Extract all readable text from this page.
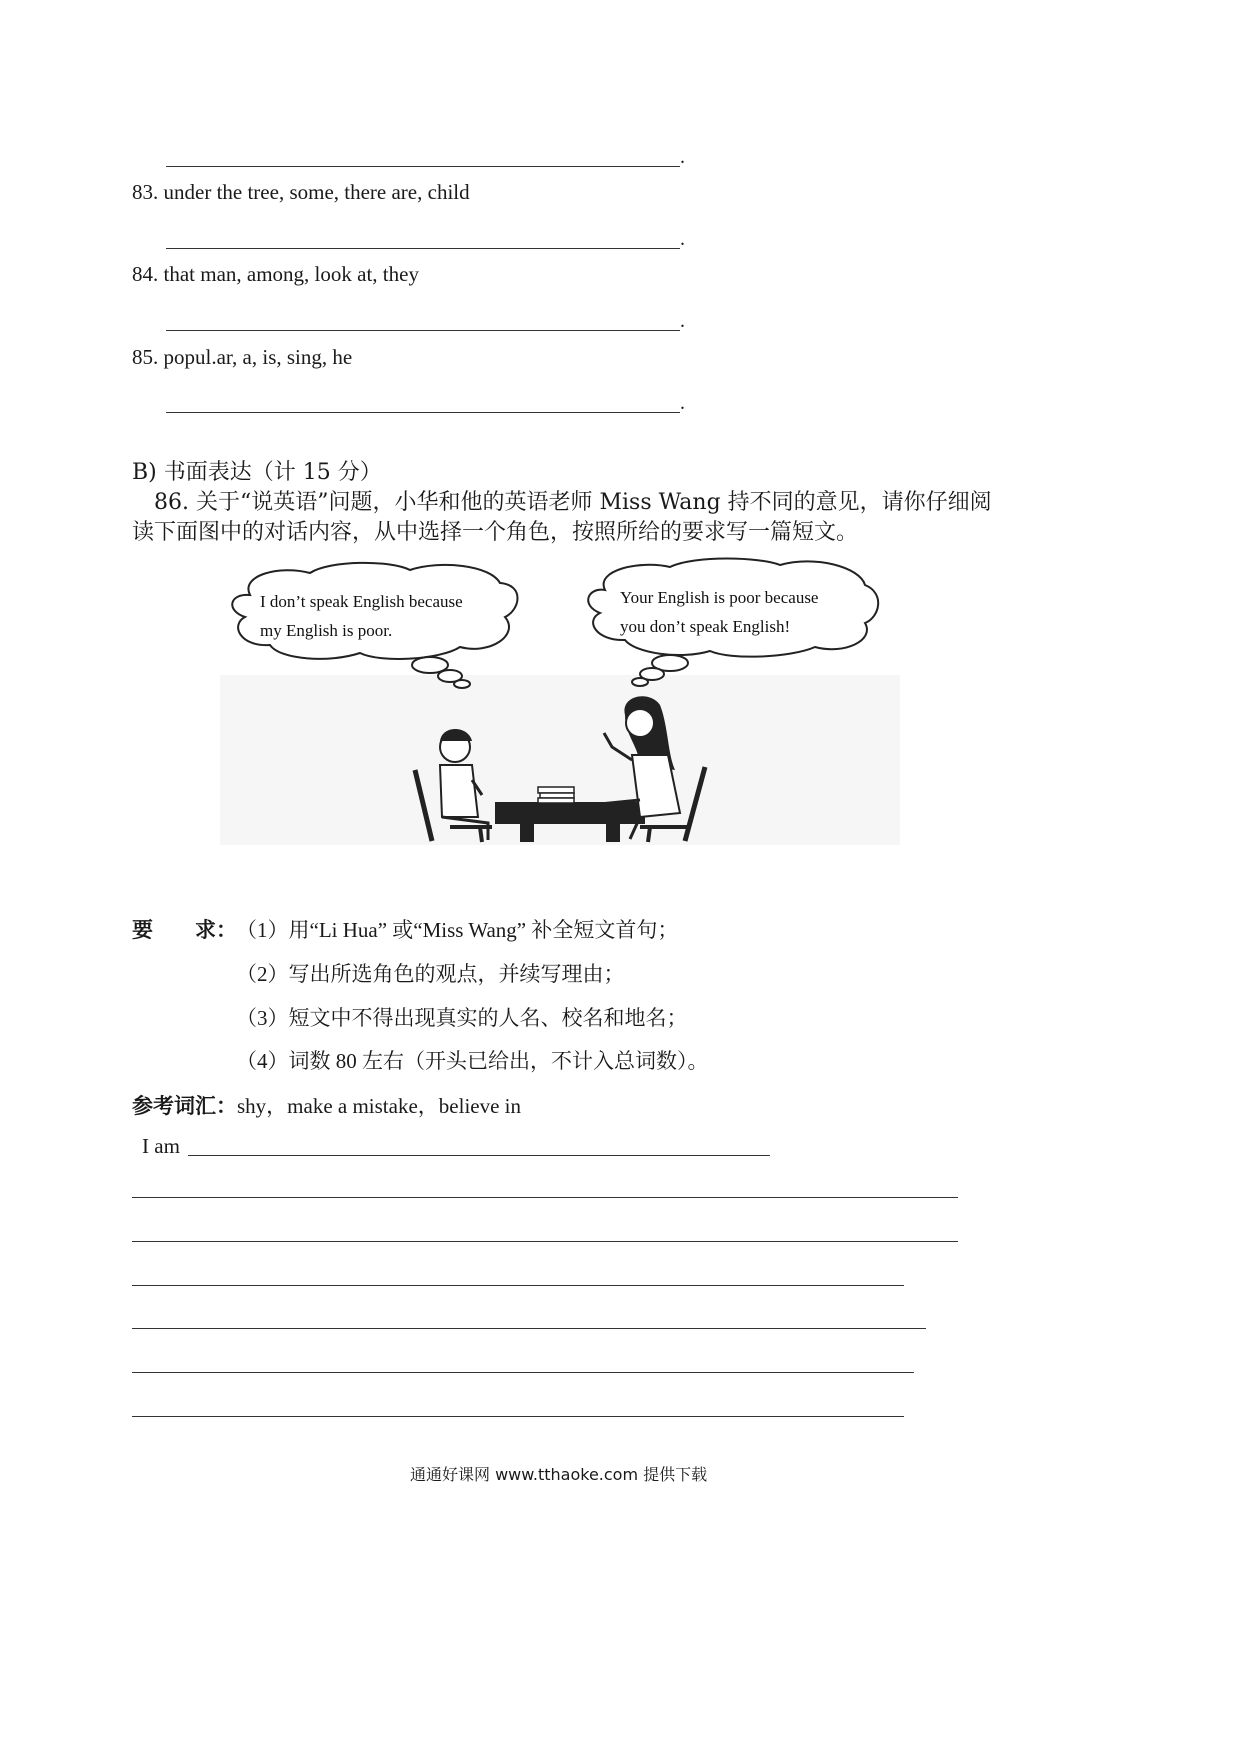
.
83. under the tree, some, there are, child
.
84. that man, among, look at, they
.
85. popul.ar, a, is, sing, he
.
B) 书面表达（计 15 分）
86. 关于“说英语”问题，小华和他的英语老师 Miss Wang 持不同的意见，请你仔细阅
读下面图中的对话内容，从中选择一个角色，按照所给的要求写一篇短文。
I don’t speak English because
my English is poor.
Your English is poor because
you don’t speak English!
要　　求： （1）用“Li Hua” 或“Miss Wang” 补全短文首句；
（2）写出所选角色的观点，并续写理由；
（3）短文中不得出现真实的人名、校名和地名；
（4）词数 80 左右（开头已给出，不计入总词数）。
参考词汇：shy，make a mistake，believe in
I am
通通好课网 www.tthaoke.com 提供下载
